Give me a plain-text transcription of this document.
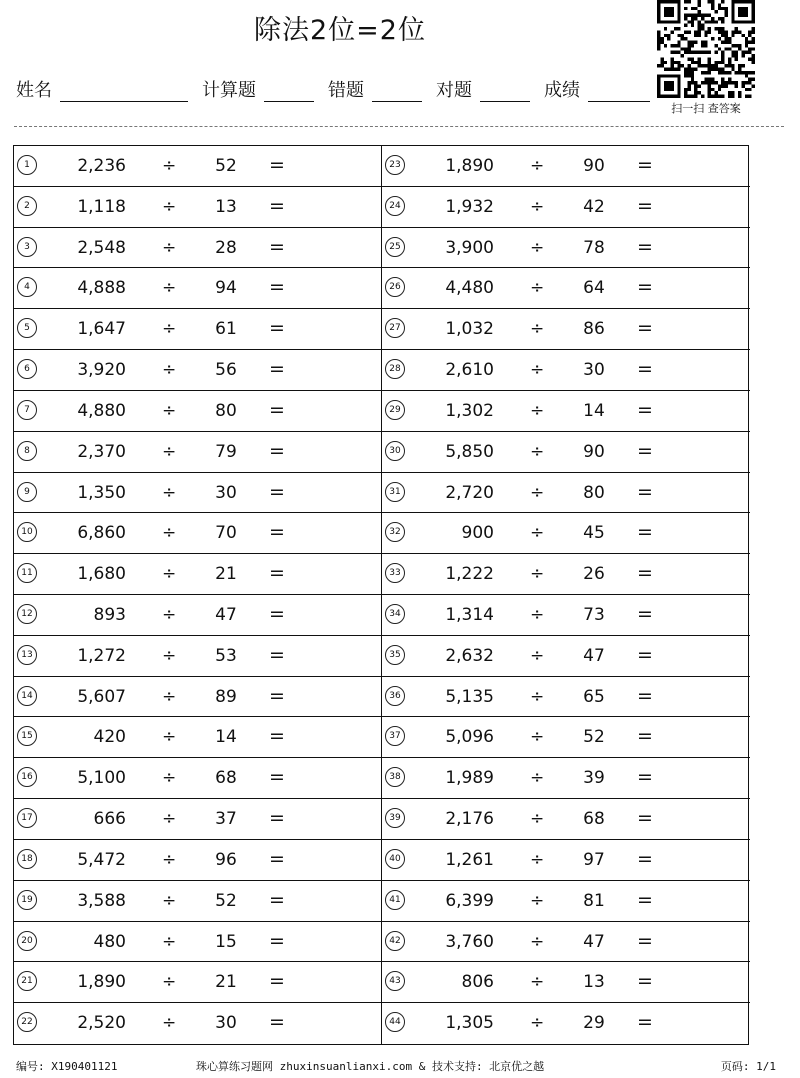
除法2位=2位
扫一扫 查答案
姓名	计算题	错题	对题	成绩
1	2,236 ÷	52	=
2	1,118 ÷	13	=
3	2,548 ÷	28	=
4	4,888 ÷	94	=
5	1,647 ÷	61	=
6	3,920 ÷	56	=
7	4,880 ÷	80	=
8	2,370 ÷	79	=
9	1,350 ÷	30	=
10	6,860 ÷	70	=
11	1,680 ÷	21	=
12	893 ÷	47	=
13	1,272 ÷	53	=
14	5,607 ÷	89	=
15	420 ÷	14	=
16	5,100 ÷	68	=
17	666 ÷	37	=
18	5,472 ÷	96	=
19	3,588 ÷	52	=
20	480 ÷	15	=
21	1,890 ÷	21	=
22	2,520 ÷	30	=
23	1,890 ÷	90	=
24	1,932 ÷	42	=
25	3,900 ÷	78	=
26	4,480 ÷	64	=
27	1,032 ÷	86	=
28	2,610 ÷	30	=
29	1,302 ÷	14	=
30	5,850 ÷	90	=
31	2,720 ÷	80	=
32	900 ÷	45	=
33	1,222 ÷	26	=
34	1,314 ÷	73	=
35	2,632 ÷	47	=
36	5,135 ÷	65	=
37	5,096 ÷	52	=
38	1,989 ÷	39	=
39	2,176 ÷	68	=
40	1,261 ÷	97	=
41	6,399 ÷	81	=
42	3,760 ÷	47	=
43	806 ÷	13	=
44	1,305 ÷	29	=
编号: X190401121	珠心算练习题网 zhuxinsuanlianxi.com & 技术支持: 北京优之越	页码: 1/1
